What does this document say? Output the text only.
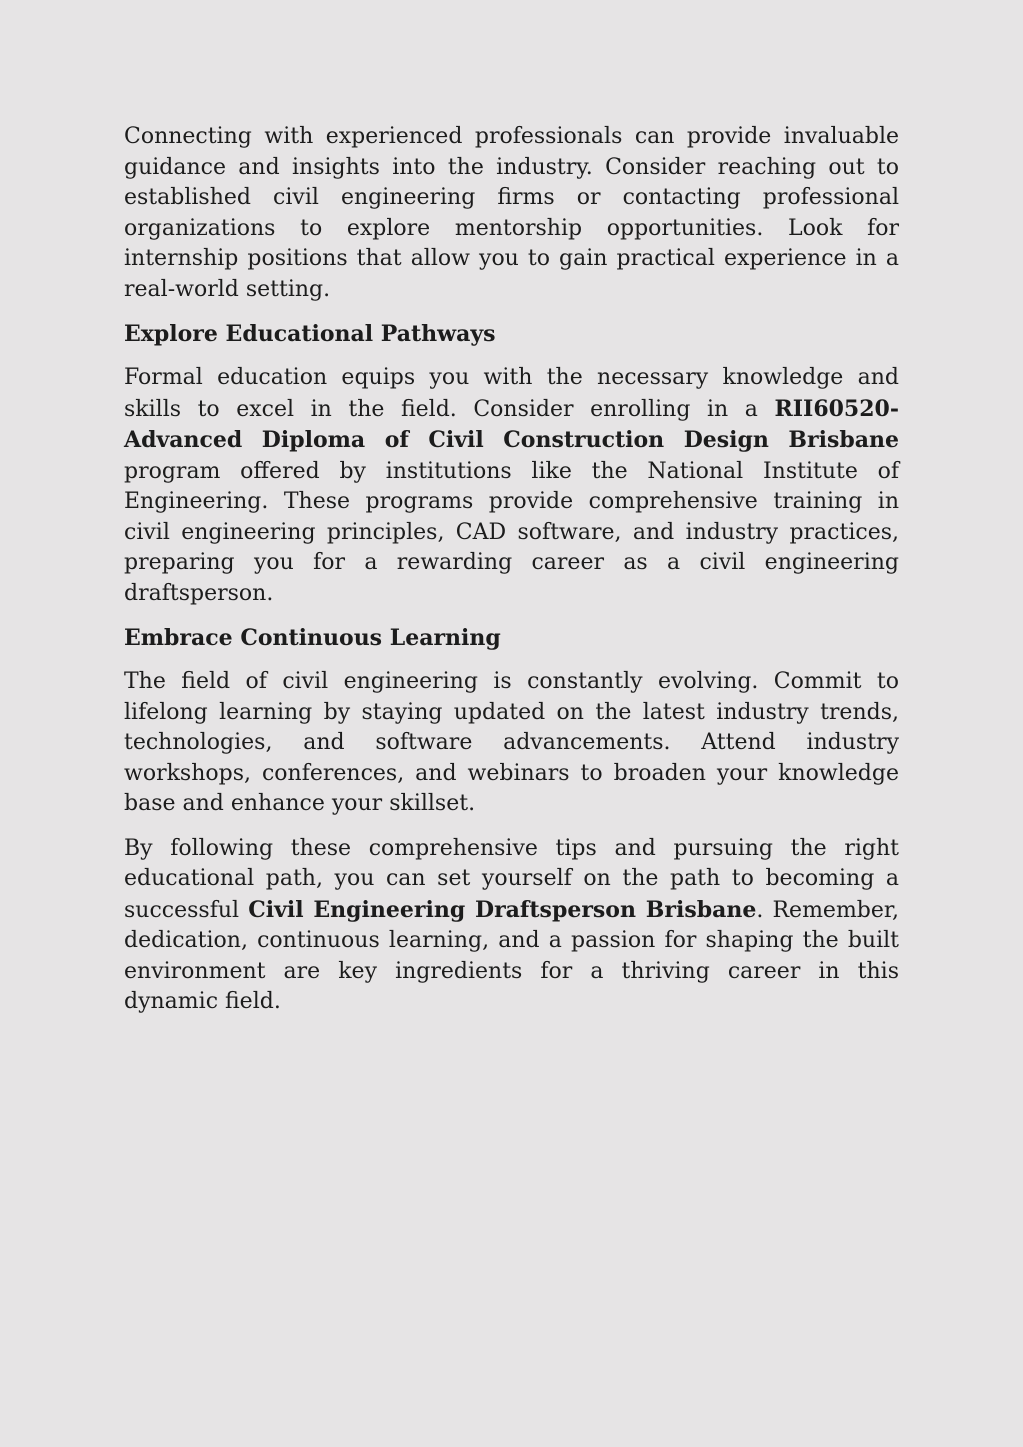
Connecting with experienced professionals can provide invaluable guidance and insights into the industry. Consider reaching out to established civil engineering firms or contacting professional organizations to explore mentorship opportunities. Look for internship positions that allow you to gain practical experience in a real-world setting.

Explore Educational Pathways

Formal education equips you with the necessary knowledge and skills to excel in the field. Consider enrolling in a RII60520-Advanced Diploma of Civil Construction Design Brisbane program offered by institutions like the National Institute of Engineering. These programs provide comprehensive training in civil engineering principles, CAD software, and industry practices, preparing you for a rewarding career as a civil engineering draftsperson.

Embrace Continuous Learning

The field of civil engineering is constantly evolving. Commit to lifelong learning by staying updated on the latest industry trends, technologies, and software advancements. Attend industry workshops, conferences, and webinars to broaden your knowledge base and enhance your skillset.

By following these comprehensive tips and pursuing the right educational path, you can set yourself on the path to becoming a successful Civil Engineering Draftsperson Brisbane. Remember, dedication, continuous learning, and a passion for shaping the built environment are key ingredients for a thriving career in this dynamic field.
